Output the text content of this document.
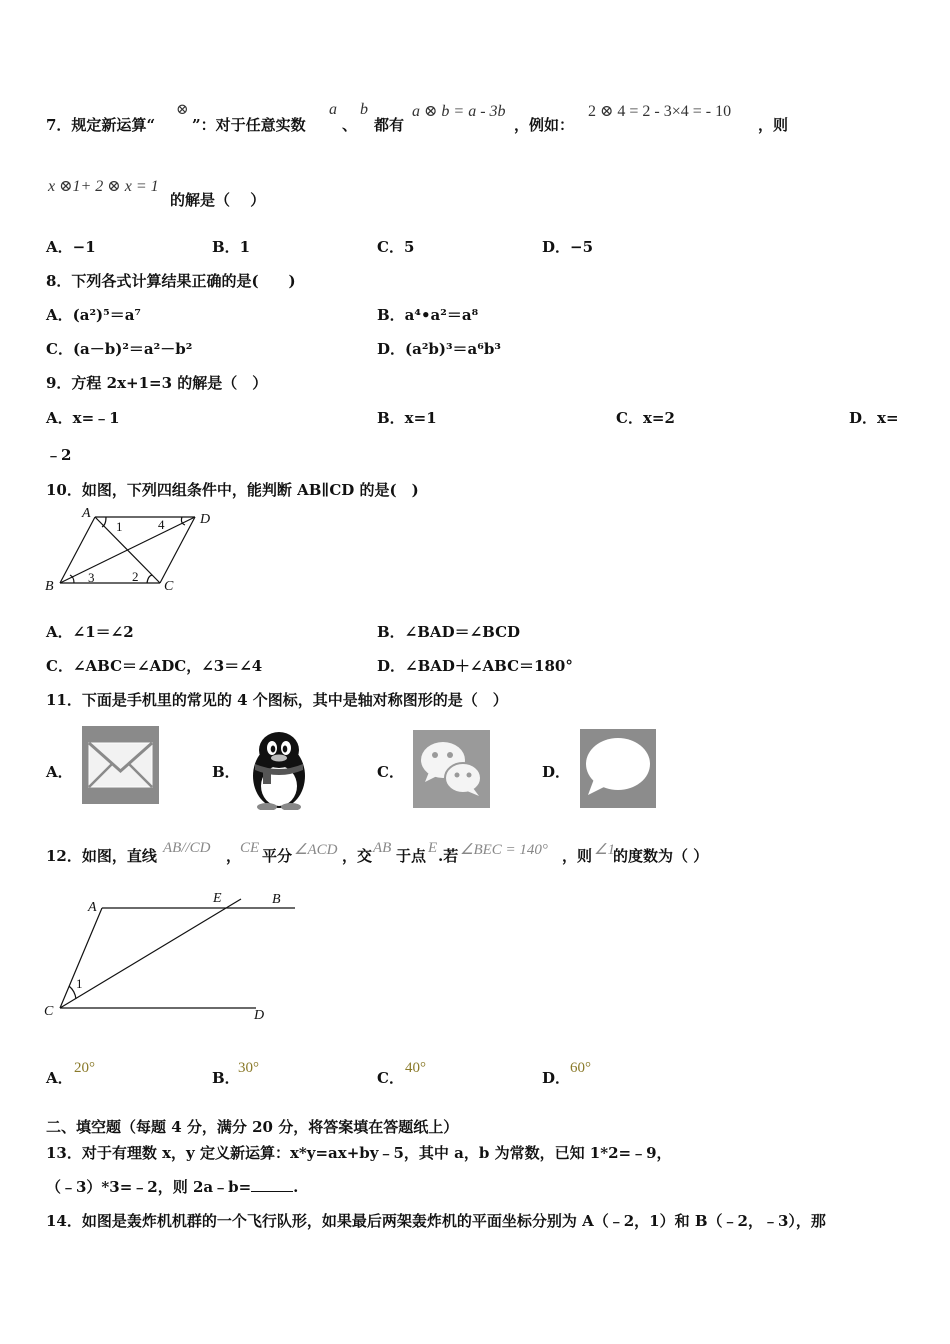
7．规定新运算“
⊗
”：对于任意实数
a
、
b
都有
a ⊗ b = a - 3b
，例如：
2 ⊗ 4 = 2 - 3×4 = - 10
，则
x ⊗1+ 2 ⊗ x = 1
的解是（　 ）
A．−1	B．1	C．5	D．−5
8．下列各式计算结果正确的是(　　)
A．(a²)⁵＝a⁷	B．a⁴•a²＝a⁸
C．(a－b)²＝a²－b²	D．(a²b)³＝a⁶b³
9．方程 2x+1=3 的解是（　）
A．x=﹣1	B．x=1	C．x=2	D．x=
﹣2
10．如图，下列四组条件中，能判断 AB∥CD 的是(　)
A	D
B	C
1	4
3	2
A．∠1＝∠2	B．∠BAD＝∠BCD
C．∠ABC＝∠ADC，∠3＝∠4	D．∠BAD＋∠ABC＝180°
11．下面是手机里的常见的 4 个图标，其中是轴对称图形的是（　）
A．	B．	C．	D．
12．如图，直线 AB//CD ，
CE 平分 ∠ACD ，交 AB 于点 E .若 ∠BEC = 140° ，则 ∠1
的度数为（ ）
A
E	B
C	D
1
A．
20°
B．
30°
C．
40°
D．
60°
二、填空题（每题 4 分，满分 20 分，将答案填在答题纸上）
13．对于有理数 x，y 定义新运算：x*y=ax+by﹣5，其中 a，b 为常数，已知 1*2=﹣9，
（﹣3）*3=﹣2，则 2a﹣b=	.
14．如图是轰炸机机群的一个飞行队形，如果最后两架轰炸机的平面坐标分别为 A（﹣2，1）和 B（﹣2，﹣3），那
